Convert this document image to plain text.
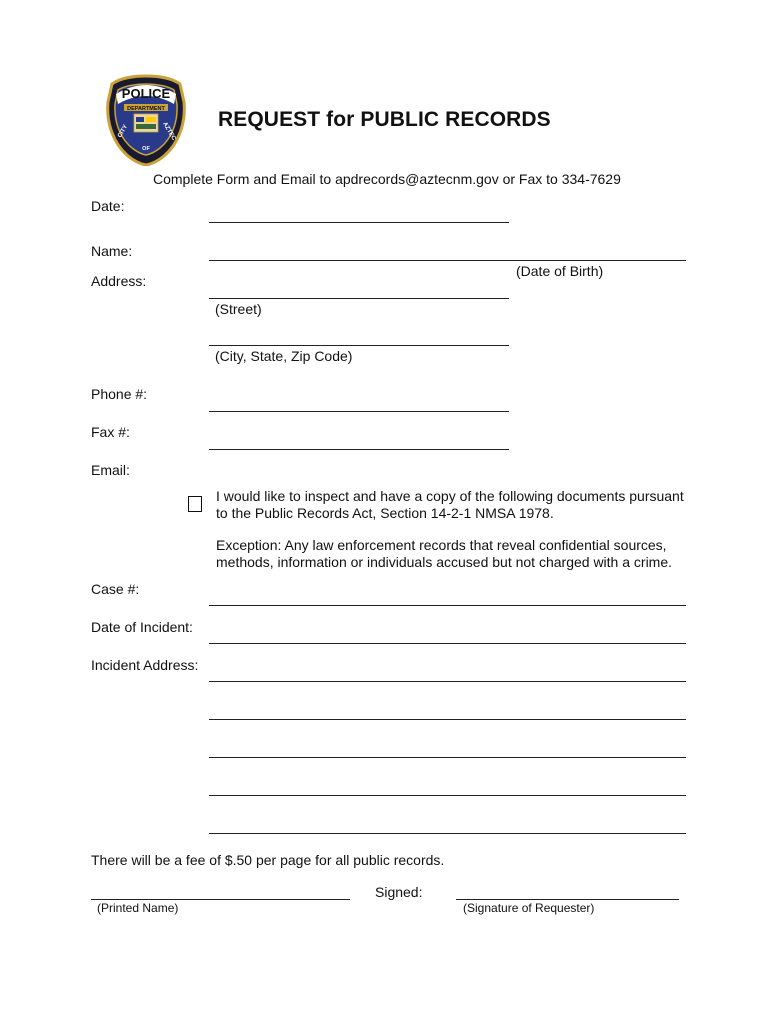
POLICE
DEPARTMENT
CITY	AZTEC
OF
REQUEST for PUBLIC RECORDS
Complete Form and Email to apdrecords@aztecnm.gov or Fax to 334-7629
Date:
Name:
(Date of Birth)
Address:
(Street)
(City, State, Zip Code)
Phone #:
Fax #:
Email:
I would like to inspect and have a copy of the following documents pursuant to the Public Records Act, Section 14-2-1 NMSA 1978.
Exception: Any law enforcement records that reveal confidential sources, methods, information or individuals accused but not charged with a crime.
Case #:
Date of Incident:
Incident Address:
There will be a fee of $.50 per page for all public records.
Signed:
(Printed Name)	(Signature of Requester)
